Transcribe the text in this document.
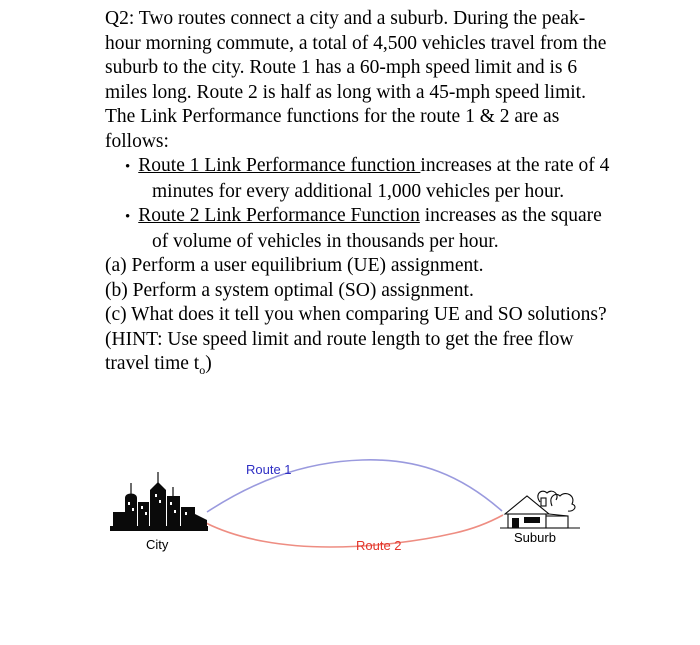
Q2: Two routes connect a city and a suburb. During the peak-hour morning commute, a total of 4,500 vehicles travel from the suburb to the city. Route 1 has a 60-mph speed limit and is 6 miles long. Route 2 is half as long with a 45-mph speed limit. The Link Performance functions for the route 1 & 2 are as follows:

• Route 1 Link Performance function increases at the rate of 4 minutes for every additional 1,000 vehicles per hour.
• Route 2 Link Performance Function increases as the square of volume of vehicles in thousands per hour.
(a) Perform a user equilibrium (UE) assignment.
(b) Perform a system optimal (SO) assignment.
(c) What does it tell you when comparing UE and SO solutions?

(HINT: Use speed limit and route length to get the free flow travel time $t_o$)

Route 1
Route 2
City	Suburb
